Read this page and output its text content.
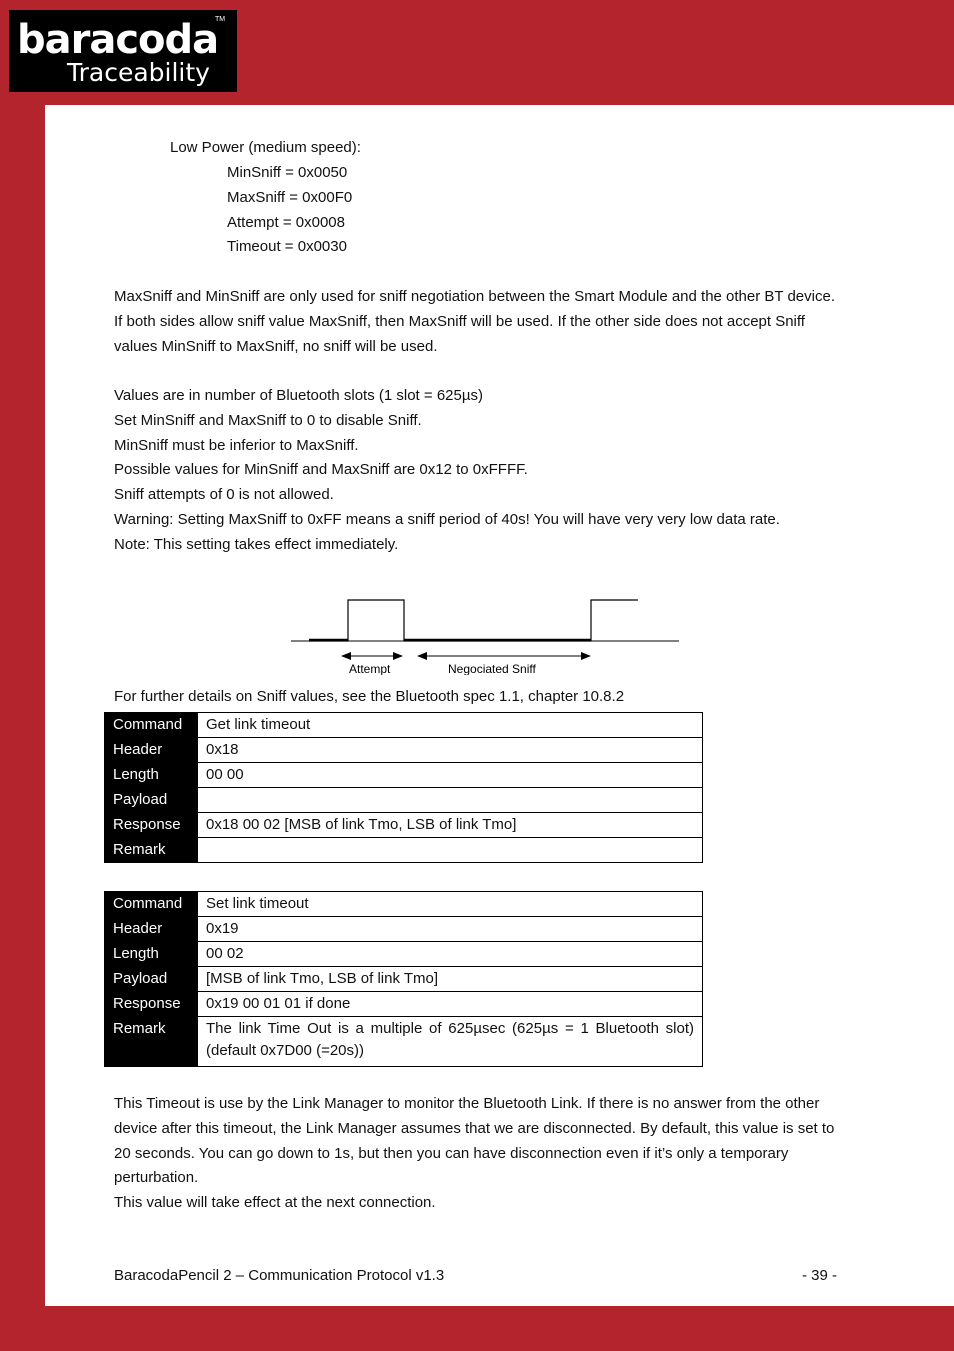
baracoda
TM
Traceability
Low Power (medium speed):
MinSniff = 0x0050
MaxSniff = 0x00F0
Attempt = 0x0008
Timeout = 0x0030

MaxSniff and MinSniff are only used for sniff negotiation between the Smart Module and the other BT device. If both sides allow sniff value MaxSniff, then MaxSniff will be used. If the other side does not accept Sniff values MinSniff to MaxSniff, no sniff will be used.

Values are in number of Bluetooth slots (1 slot = 625µs)

Set MinSniff and MaxSniff to 0 to disable Sniff.

MinSniff must be inferior to MaxSniff.

Possible values for MinSniff and MaxSniff are 0x12 to 0xFFFF.

Sniff attempts of 0 is not allowed.

Warning: Setting MaxSniff to 0xFF means a sniff period of 40s! You will have very very low data rate.

Note: This setting takes effect immediately.

Attempt	Negociated Sniff
For further details on Sniff values, see the Bluetooth spec 1.1, chapter 10.8.2
Command	Get link timeout
Header	0x18
Length	00 00
Payload	
Response	0x18 00 02 [MSB of link Tmo, LSB of link Tmo]
Remark	
Command	Set link timeout
Header	0x19
Length	00 02
Payload	[MSB of link Tmo, LSB of link Tmo]
Response	0x19 00 01 01 if done
Remark	The link Time Out is a multiple of 625µsec (625µs = 1 Bluetooth slot) (default 0x7D00 (=20s))

This Timeout is use by the Link Manager to monitor the Bluetooth Link. If there is no answer from the other device after this timeout, the Link Manager assumes that we are disconnected. By default, this value is set to 20 seconds. You can go down to 1s, but then you can have disconnection even if it’s only a temporary perturbation.

This value will take effect at the next connection.

BaracodaPencil 2 – Communication Protocol v1.3	- 39 -
